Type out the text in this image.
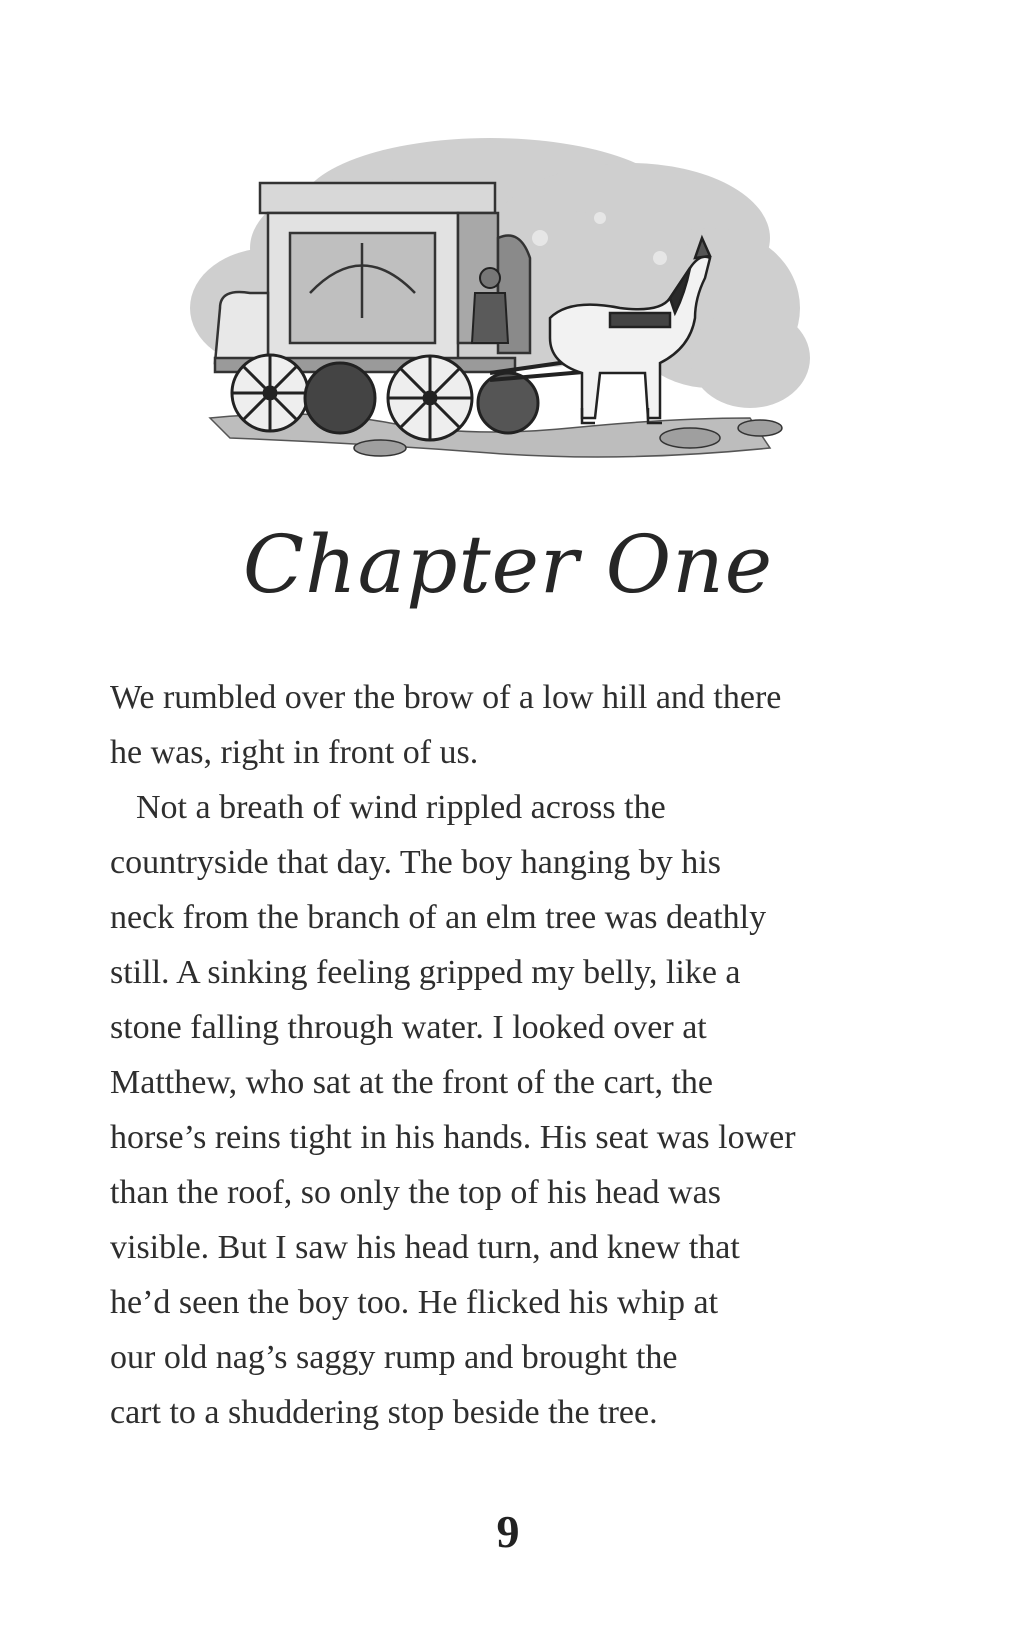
Chapter One
We rumbled over the brow of a low hill and there
he was, right in front of us.
Not a breath of wind rippled across the
countryside that day. The boy hanging by his
neck from the branch of an elm tree was deathly
still. A sinking feeling gripped my belly, like a
stone falling through water. I looked over at
Matthew, who sat at the front of the cart, the
horse’s reins tight in his hands. His seat was lower
than the roof, so only the top of his head was
visible. But I saw his head turn, and knew that
he’d seen the boy too. He flicked his whip at
our old nag’s saggy rump and brought the
cart to a shuddering stop beside the tree.
9
